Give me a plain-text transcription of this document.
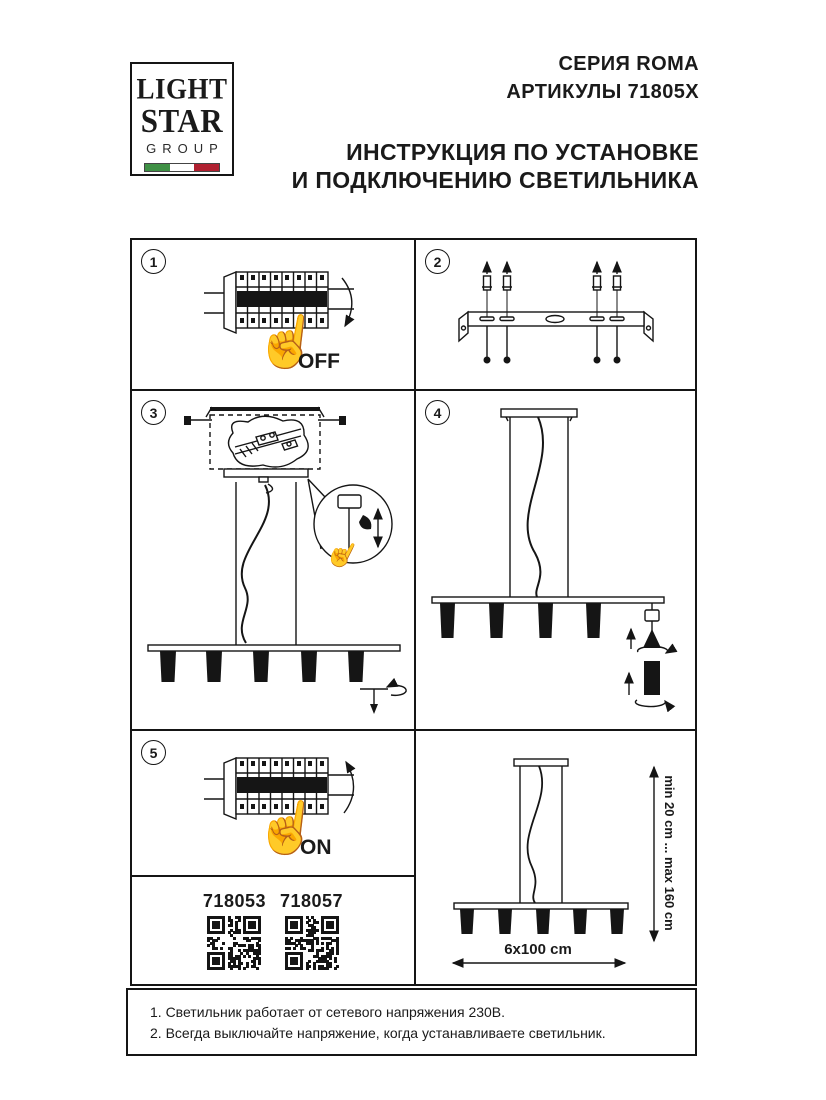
LIGHT
STAR
GROUP
СЕРИЯ ROMA
АРТИКУЛЫ 71805X
ИНСТРУКЦИЯ ПО УСТАНОВКЕ
И ПОДКЛЮЧЕНИЮ СВЕТИЛЬНИКА
1
OFF
2
3
☝
4
5
ON
718053 718057	min 20 cm ... max 160 cm
6x100 cm

1. Светильник работает от сетевого напряжения 230В.

2. Всегда выключайте напряжение, когда устанавливаете светильник.
